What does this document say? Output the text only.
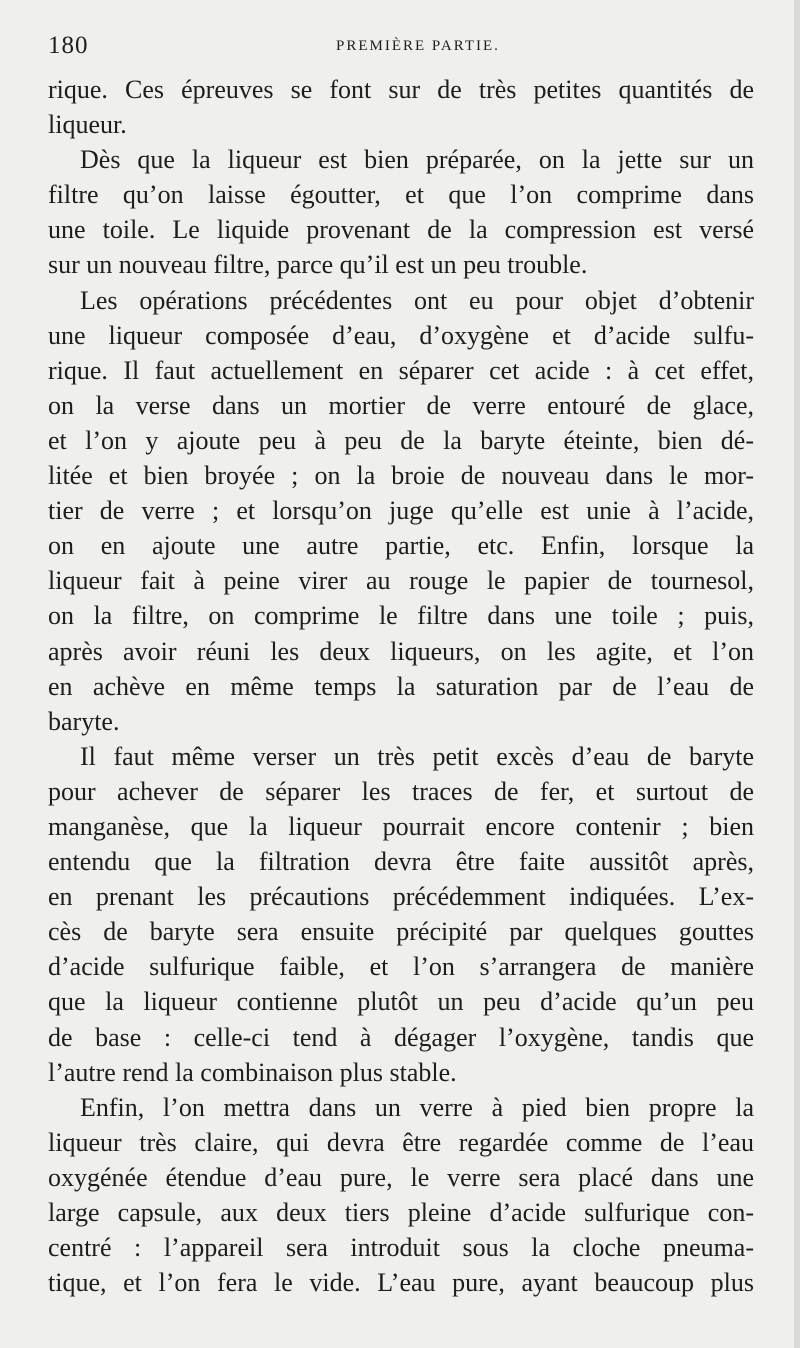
180	PREMIÈRE PARTIE.
rique. Ces épreuves se font sur de très petites quantités de
liqueur.
Dès que la liqueur est bien préparée, on la jette sur un
filtre qu’on laisse égoutter, et que l’on comprime dans
une toile. Le liquide provenant de la compression est versé
sur un nouveau filtre, parce qu’il est un peu trouble.
Les opérations précédentes ont eu pour objet d’obtenir
une liqueur composée d’eau, d’oxygène et d’acide sulfu-
rique. Il faut actuellement en séparer cet acide : à cet effet,
on la verse dans un mortier de verre entouré de glace,
et l’on y ajoute peu à peu de la baryte éteinte, bien dé-
litée et bien broyée ; on la broie de nouveau dans le mor-
tier de verre ; et lorsqu’on juge qu’elle est unie à l’acide,
on en ajoute une autre partie, etc. Enfin, lorsque la
liqueur fait à peine virer au rouge le papier de tournesol,
on la filtre, on comprime le filtre dans une toile ; puis,
après avoir réuni les deux liqueurs, on les agite, et l’on
en achève en même temps la saturation par de l’eau de
baryte.
Il faut même verser un très petit excès d’eau de baryte
pour achever de séparer les traces de fer, et surtout de
manganèse, que la liqueur pourrait encore contenir ; bien
entendu que la filtration devra être faite aussitôt après,
en prenant les précautions précédemment indiquées. L’ex-
cès de baryte sera ensuite précipité par quelques gouttes
d’acide sulfurique faible, et l’on s’arrangera de manière
que la liqueur contienne plutôt un peu d’acide qu’un peu
de base : celle-ci tend à dégager l’oxygène, tandis que
l’autre rend la combinaison plus stable.
Enfin, l’on mettra dans un verre à pied bien propre la
liqueur très claire, qui devra être regardée comme de l’eau
oxygénée étendue d’eau pure, le verre sera placé dans une
large capsule, aux deux tiers pleine d’acide sulfurique con-
centré : l’appareil sera introduit sous la cloche pneuma-
tique, et l’on fera le vide. L’eau pure, ayant beaucoup plus
